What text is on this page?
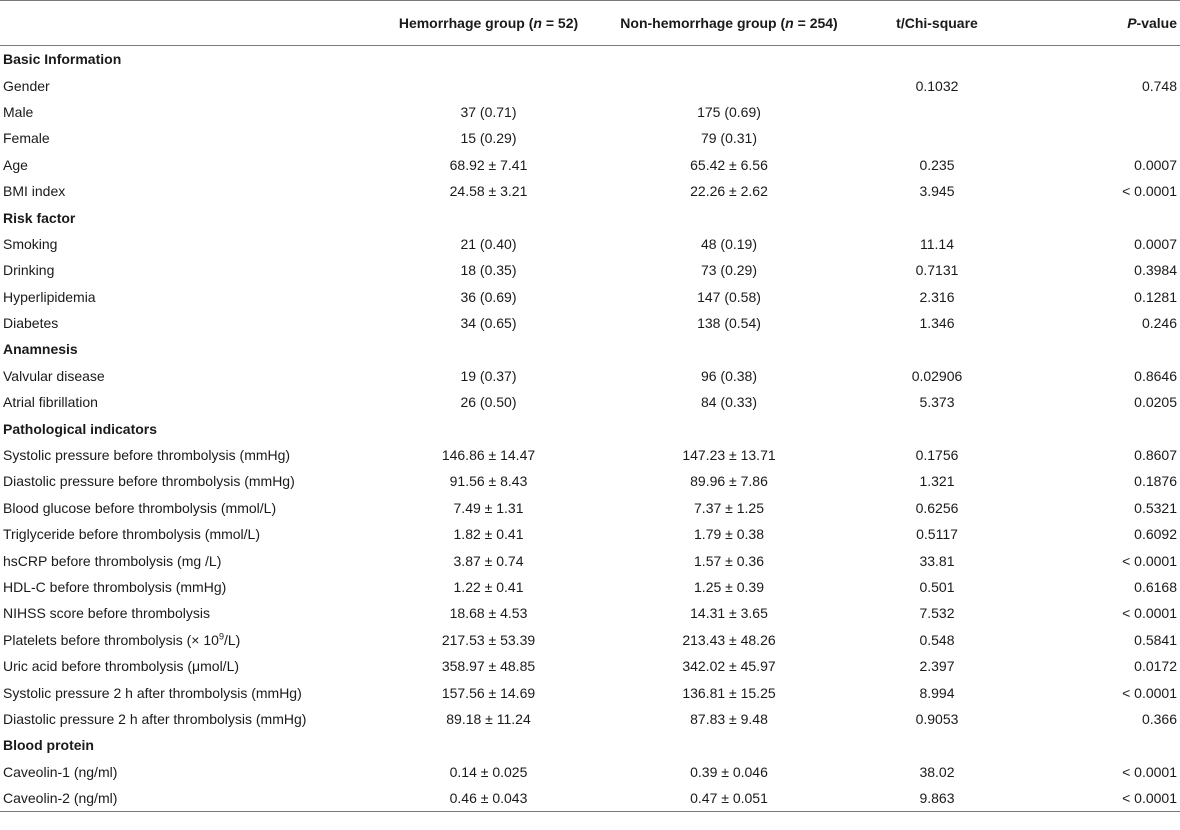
	Hemorrhage group (n = 52)	Non-hemorrhage group (n = 254)	t/Chi-square	P-value
Basic Information				
Gender			0.1032	0.748
Male	37 (0.71)	175 (0.69)		
Female	15 (0.29)	79 (0.31)		
Age	68.92 ± 7.41	65.42 ± 6.56	0.235	0.0007
BMI index	24.58 ± 3.21	22.26 ± 2.62	3.945	< 0.0001
Risk factor				
Smoking	21 (0.40)	48 (0.19)	11.14	0.0007
Drinking	18 (0.35)	73 (0.29)	0.7131	0.3984
Hyperlipidemia	36 (0.69)	147 (0.58)	2.316	0.1281
Diabetes	34 (0.65)	138 (0.54)	1.346	0.246
Anamnesis				
Valvular disease	19 (0.37)	96 (0.38)	0.02906	0.8646
Atrial fibrillation	26 (0.50)	84 (0.33)	5.373	0.0205
Pathological indicators				
Systolic pressure before thrombolysis (mmHg)	146.86 ± 14.47	147.23 ± 13.71	0.1756	0.8607
Diastolic pressure before thrombolysis (mmHg)	91.56 ± 8.43	89.96 ± 7.86	1.321	0.1876
Blood glucose before thrombolysis (mmol/L)	7.49 ± 1.31	7.37 ± 1.25	0.6256	0.5321
Triglyceride before thrombolysis (mmol/L)	1.82 ± 0.41	1.79 ± 0.38	0.5117	0.6092
hsCRP before thrombolysis (mg /L)	3.87 ± 0.74	1.57 ± 0.36	33.81	< 0.0001
HDL-C before thrombolysis (mmHg)	1.22 ± 0.41	1.25 ± 0.39	0.501	0.6168
NIHSS score before thrombolysis	18.68 ± 4.53	14.31 ± 3.65	7.532	< 0.0001
Platelets before thrombolysis (× $10^9/L$)	217.53 ± 53.39	213.43 ± 48.26	0.548	0.5841
Uric acid before thrombolysis (μmol/L)	358.97 ± 48.85	342.02 ± 45.97	2.397	0.0172
Systolic pressure 2 h after thrombolysis (mmHg)	157.56 ± 14.69	136.81 ± 15.25	8.994	< 0.0001
Diastolic pressure 2 h after thrombolysis (mmHg)	89.18 ± 11.24	87.83 ± 9.48	0.9053	0.366
Blood protein				
Caveolin-1 (ng/ml)	0.14 ± 0.025	0.39 ± 0.046	38.02	< 0.0001
Caveolin-2 (ng/ml)	0.46 ± 0.043	0.47 ± 0.051	9.863	< 0.0001
